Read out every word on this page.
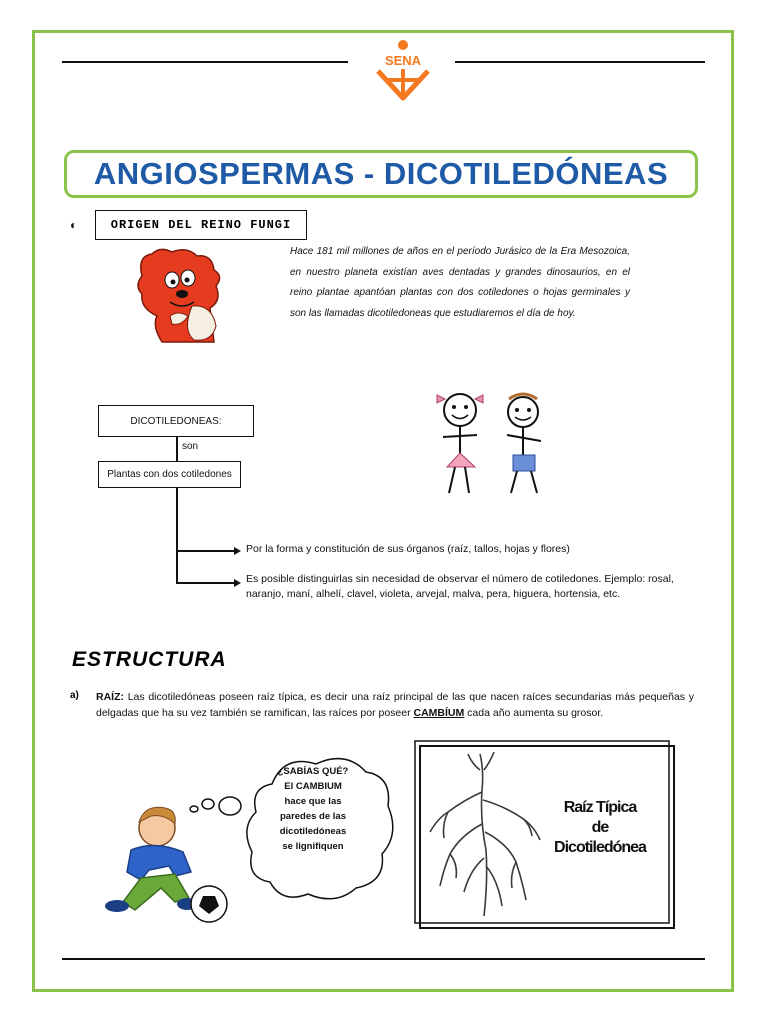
SENA
ANGIOSPERMAS - DICOTILEDÓNEAS
◐	ORIGEN DEL REINO FUNGI
Hace 181 mil millones de años en el período Jurásico de la Era Mesozoica, en nuestro planeta existían aves dentadas y grandes dinosaurios, en el reino plantae apantóan plantas con dos cotiledones o hojas germinales y son las llamadas dicotiledoneas que estudiaremos el día de hoy.
DICOTILEDONEAS:
son
Plantas con dos cotiledones
Por la forma y constitución de sus órganos (raíz, tallos, hojas y flores)
Es posible distinguirlas sin necesidad de observar el número de cotiledones. Ejemplo: rosal, naranjo, maní, alhelí, clavel, violeta, arvejal, malva, pera, higuera, hortensia, etc.
ESTRUCTURA
a) RAÍZ: Las dicotiledóneas poseen raíz típica, es decir una raíz principal de las que nacen raíces secundarias más pequeñas y delgadas que ha su vez también se ramifican, las raíces por poseer CAMBÍUM cada año aumenta su grosor.
¿SABÍAS QUÉ?
El CAMBIUM
hace que las
paredes de las
dicotiledóneas
se lignifiquen
Raíz Típica
de
Dicotiledónea
